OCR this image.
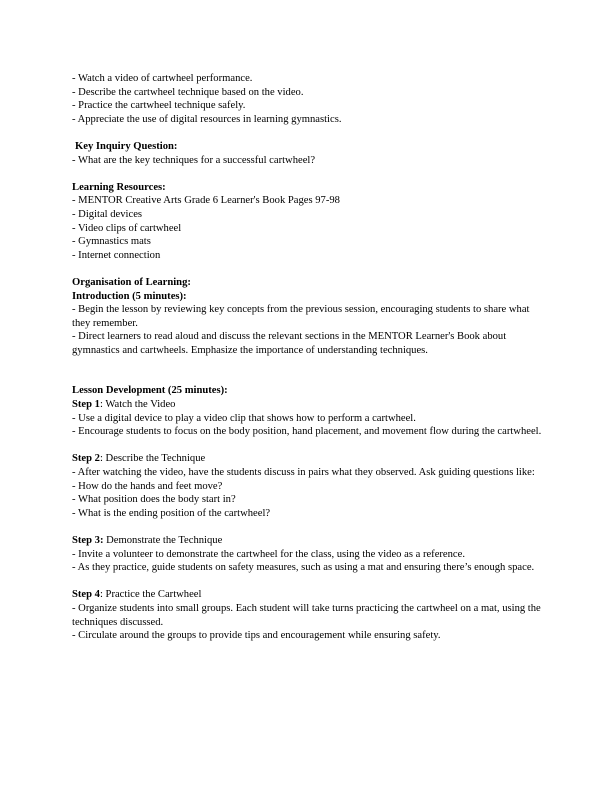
- Watch a video of cartwheel performance.
- Describe the cartwheel technique based on the video.
- Practice the cartwheel technique safely.
- Appreciate the use of digital resources in learning gymnastics.
Key Inquiry Question:
- What are the key techniques for a successful cartwheel?
Learning Resources:
- MENTOR Creative Arts Grade 6 Learner's Book Pages 97-98
- Digital devices
- Video clips of cartwheel
- Gymnastics mats
- Internet connection
Organisation of Learning:
Introduction (5 minutes):
- Begin the lesson by reviewing key concepts from the previous session, encouraging students to share what they remember.
- Direct learners to read aloud and discuss the relevant sections in the MENTOR Learner's Book about gymnastics and cartwheels. Emphasize the importance of understanding techniques.
Lesson Development (25 minutes):
Step 1: Watch the Video
- Use a digital device to play a video clip that shows how to perform a cartwheel.
- Encourage students to focus on the body position, hand placement, and movement flow during the cartwheel.
Step 2: Describe the Technique
- After watching the video, have the students discuss in pairs what they observed. Ask guiding questions like:
- How do the hands and feet move?
- What position does the body start in?
- What is the ending position of the cartwheel?
Step 3: Demonstrate the Technique
- Invite a volunteer to demonstrate the cartwheel for the class, using the video as a reference.
- As they practice, guide students on safety measures, such as using a mat and ensuring there’s enough space.
Step 4: Practice the Cartwheel
- Organize students into small groups. Each student will take turns practicing the cartwheel on a mat, using the techniques discussed.
- Circulate around the groups to provide tips and encouragement while ensuring safety.
